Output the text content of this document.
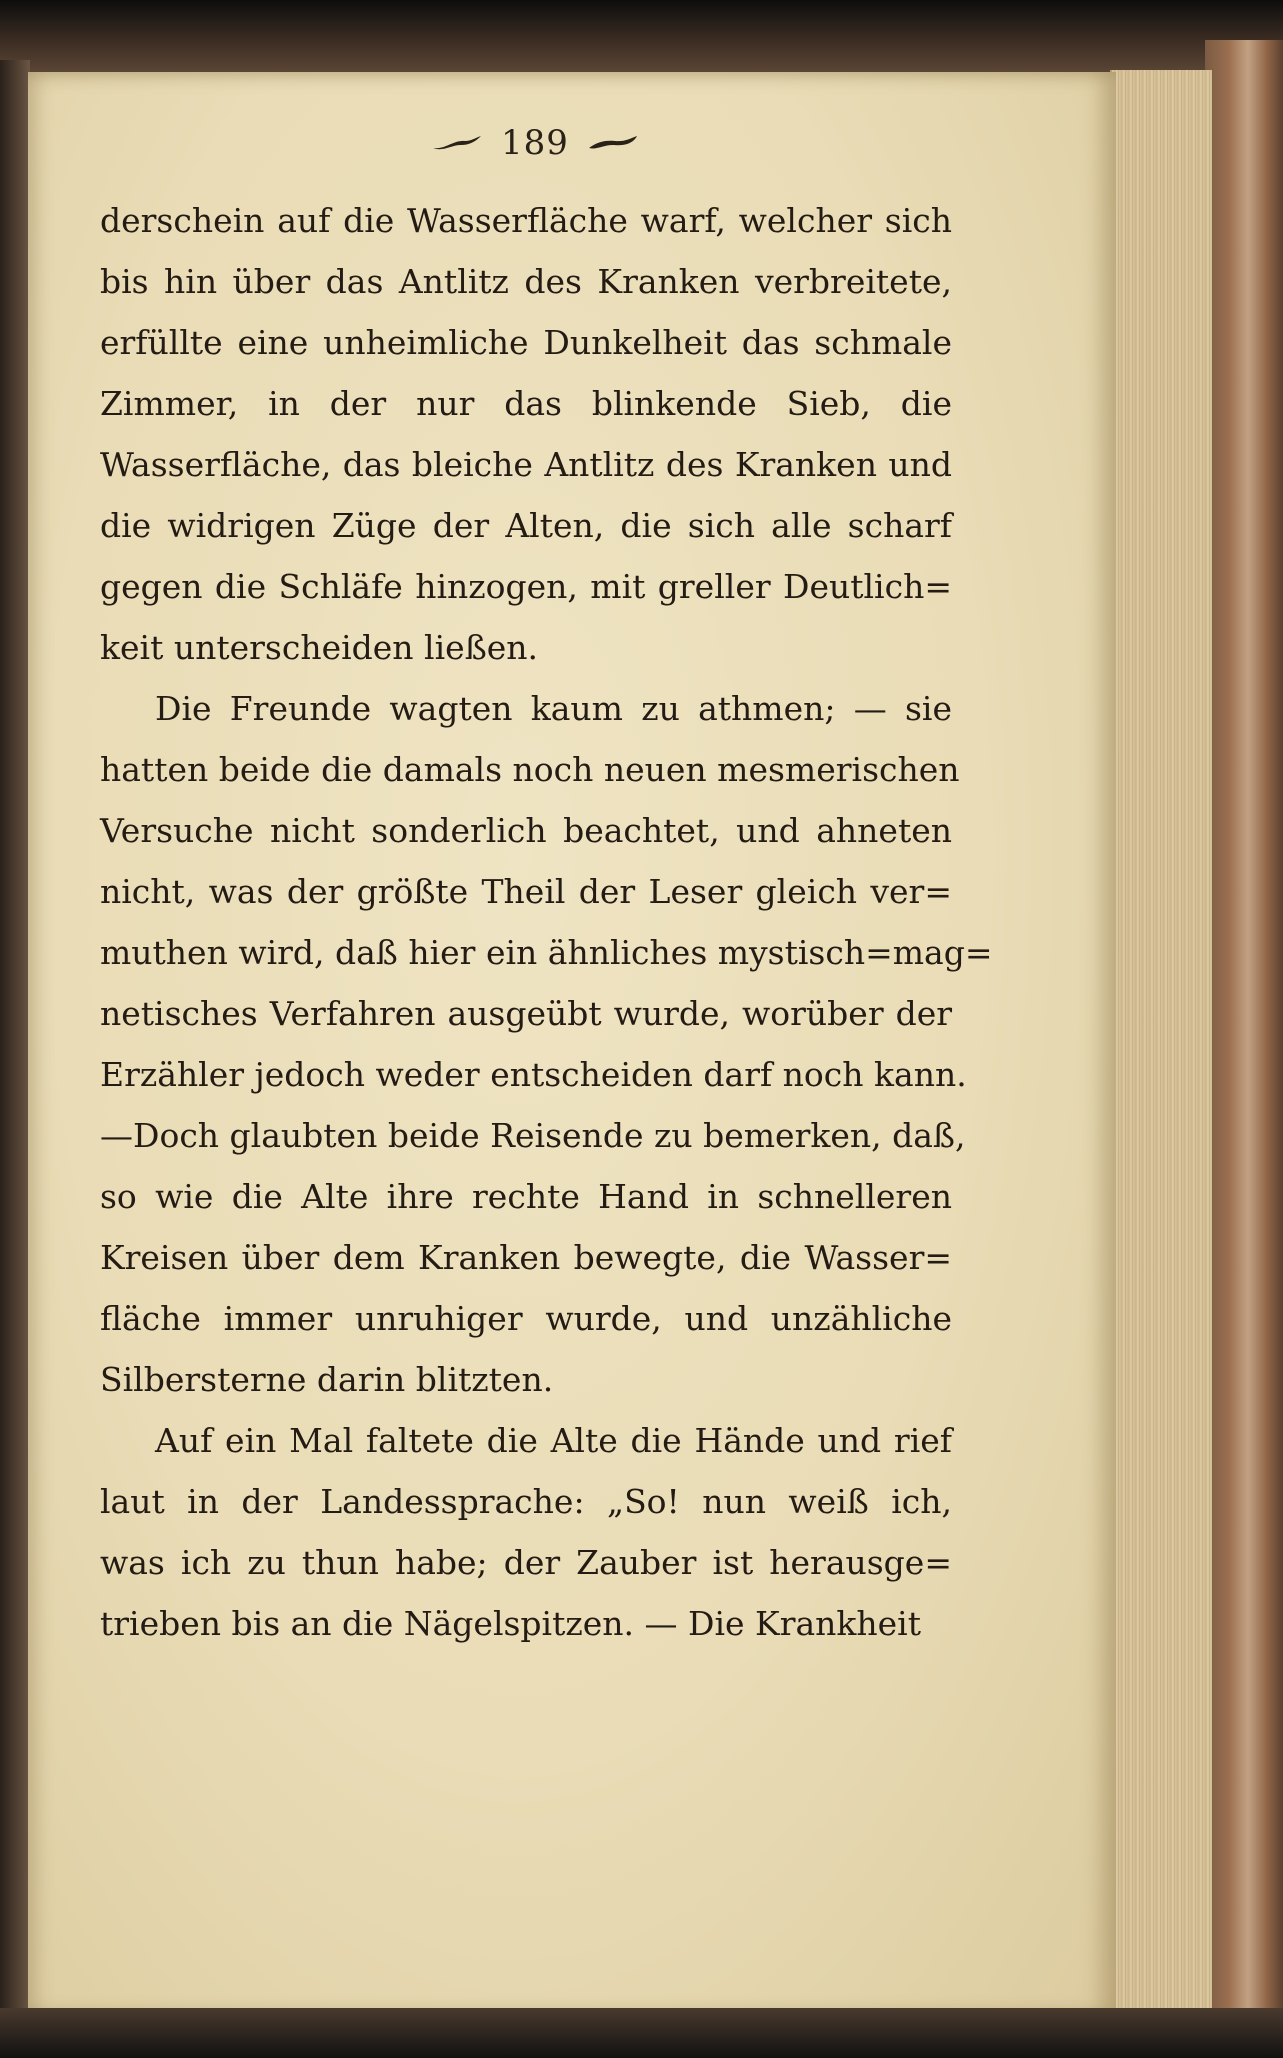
189
derschein auf die Wasserfläche warf, welcher sich
bis hin über das Antlitz des Kranken verbreitete,
erfüllte eine unheimliche Dunkelheit das schmale
Zimmer, in der nur das blinkende Sieb, die
Wasserfläche, das bleiche Antlitz des Kranken und
die widrigen Züge der Alten, die sich alle scharf
gegen die Schläfe hinzogen, mit greller Deutlich=
keit unterscheiden ließen.
Die Freunde wagten kaum zu athmen; — sie
hatten beide die damals noch neuen mesmerischen
Versuche nicht sonderlich beachtet, und ahneten
nicht, was der größte Theil der Leser gleich ver=
muthen wird, daß hier ein ähnliches mystisch=mag=
netisches Verfahren ausgeübt wurde, worüber der
Erzähler jedoch weder entscheiden darf noch kann.
—Doch glaubten beide Reisende zu bemerken, daß,
so wie die Alte ihre rechte Hand in schnelleren
Kreisen über dem Kranken bewegte, die Wasser=
fläche immer unruhiger wurde, und unzähliche
Silbersterne darin blitzten.
Auf ein Mal faltete die Alte die Hände und rief
laut in der Landessprache: „So! nun weiß ich,
was ich zu thun habe; der Zauber ist herausge=
trieben bis an die Nägelspitzen. — Die Krankheit
